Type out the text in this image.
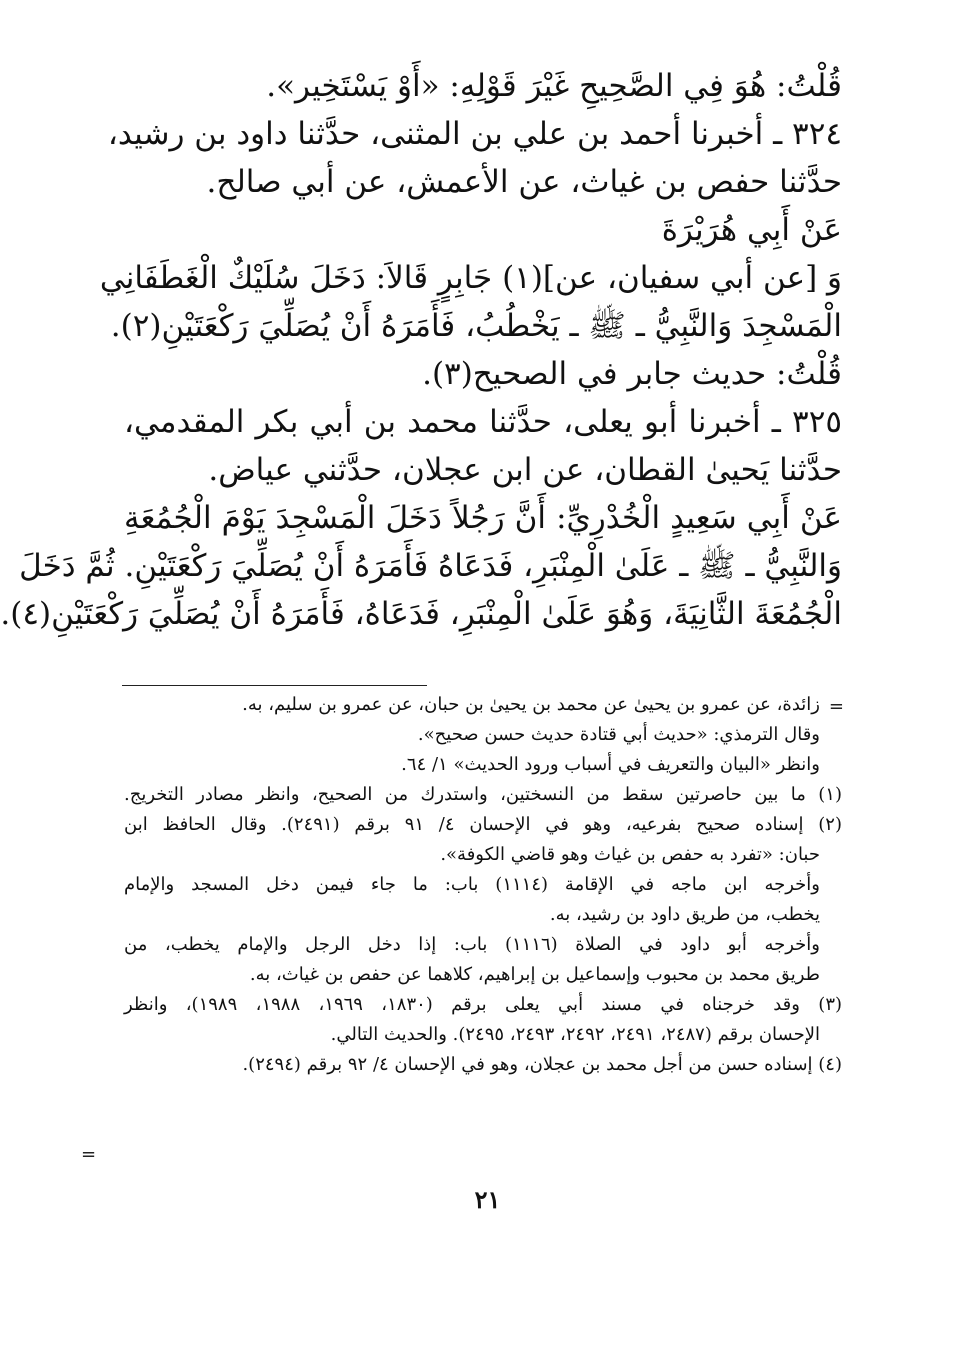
قُلْتُ: هُوَ فِي الصَّحِيحِ غَيْرَ قَوْلِهِ: «أَوْ يَسْتَخِير».
٣٢٤ ـ أخبرنا أحمد بن علي بن المثنى، حدَّثنا داود بن رشيد،
حدَّثنا حفص بن غياث، عن الأعمش، عن أبي صالح.
عَنْ أَبِي هُرَيْرَةَ
وَ [عن أبي سفيان، عن](١) جَابِرٍ قَالاَ: دَخَلَ سُلَيْكٌ الْغَطَفَانِي
الْمَسْجِدَ وَالنَّبِيُّ ـ ﷺ ـ يَخْطُبُ، فَأَمَرَهُ أَنْ يُصَلِّيَ رَكْعَتَيْنِ(٢).
قُلْتُ: حديث جابر في الصحيح(٣).
٣٢٥ ـ أخبرنا أبو يعلى، حدَّثنا محمد بن أبي بكر المقدمي،
حدَّثنا يَحيىٰ القطان، عن ابن عجلان، حدَّثني عياض.
عَنْ أَبِي سَعِيدٍ الْخُدْرِيِّ: أَنَّ رَجُلاً دَخَلَ الْمَسْجِدَ يَوْمَ الْجُمُعَةِ
وَالنَّبِيُّ ـ ﷺ ـ عَلَىٰ الْمِنْبَرِ، فَدَعَاهُ فَأَمَرَهُ أَنْ يُصَلِّيَ رَكْعَتَيْنِ. ثُمَّ دَخَلَ
الْجُمُعَةَ الثَّانِيَةَ، وَهُوَ عَلَىٰ الْمِنْبَرِ، فَدَعَاهُ، فَأَمَرَهُ أَنْ يُصَلِّيَ رَكْعَتَيْنِ(٤).
زائدة، عن عمرو بن يحيىٰ عن محمد بن يحيىٰ بن حبان، عن عمرو بن سليم، به.
وقال الترمذي: «حديث أبي قتادة حديث حسن صحيح».
وانظر «البيان والتعريف في أسباب ورود الحديث» ١/ ٦٤.
(١) ما بين حاصرتين سقط من النسختين، واستدرك من الصحيح، وانظر مصادر التخريج.
(٢) إسناده صحيح بفرعيه، وهو في الإحسان ٤/ ٩١ برقم (٢٤٩١). وقال الحافظ ابن
حبان: «تفرد به حفص بن غياث وهو قاضي الكوفة».
وأخرجه ابن ماجه في الإقامة (١١١٤) باب: ما جاء فيمن دخل المسجد والإمام
يخطب، من طريق داود بن رشيد، به.
وأخرجه أبو داود في الصلاة (١١١٦) باب: إذا دخل الرجل والإمام يخطب، من
طريق محمد بن محبوب وإسماعيل بن إبراهيم، كلاهما عن حفص بن غياث، به.
(٣) وقد خرجناه في مسند أبي يعلى برقم (١٨٣٠، ١٩٦٩، ١٩٨٨، ١٩٨٩)، وانظر
الإحسان برقم (٢٤٨٧، ٢٤٩١، ٢٤٩٢، ٢٤٩٣، ٢٤٩٥). والحديث التالي.
(٤) إسناده حسن من أجل محمد بن عجلان، وهو في الإحسان ٤/ ٩٢ برقم (٢٤٩٤).
=
=
٢١
